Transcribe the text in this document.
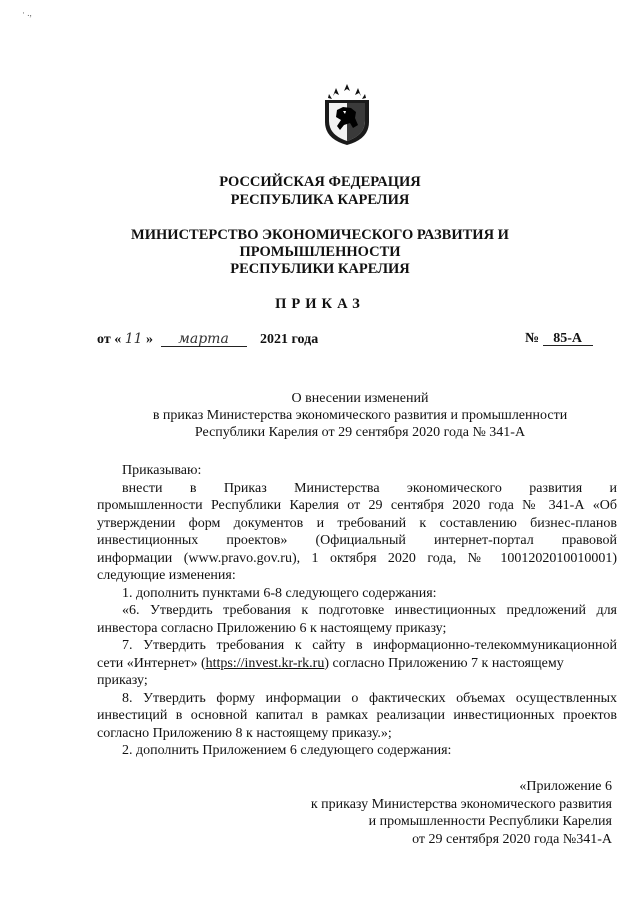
· .,
РОССИЙСКАЯ ФЕДЕРАЦИЯ
РЕСПУБЛИКА КАРЕЛИЯ
МИНИСТЕРСТВО ЭКОНОМИЧЕСКОГО РАЗВИТИЯ И
ПРОМЫШЛЕННОСТИ
РЕСПУБЛИКИ КАРЕЛИЯ
ПРИКАЗ
от « 11 » марта 2021 года	№ 85-А
О внесении изменений
в приказ Министерства экономического развития и промышленности
Республики Карелия от 29 сентября 2020 года № 341-А
Приказываю:
внести в Приказ Министерства экономического развития и
промышленности Республики Карелия от 29 сентября 2020 года № 341-А «Об
утверждении форм документов и требований к составлению бизнес-планов
инвестиционных проектов» (Официальный интернет-портал правовой
информации (www.pravo.gov.ru), 1 октября 2020 года, № 1001202010010001)
следующие изменения:
1. дополнить пунктами 6-8 следующего содержания:
«6. Утвердить требования к подготовке инвестиционных предложений для
инвестора согласно Приложению 6 к настоящему приказу;
7. Утвердить требования к сайту в информационно-телекоммуникационной
сети «Интернет» (https://invest.kr-rk.ru) согласно Приложению 7 к настоящему
приказу;
8. Утвердить форму информации о фактических объемах осуществленных
инвестиций в основной капитал в рамках реализации инвестиционных проектов
согласно Приложению 8 к настоящему приказу.»;
2. дополнить Приложением 6 следующего содержания:
«Приложение 6
к приказу Министерства экономического развития
и промышленности Республики Карелия
от 29 сентября 2020 года №341-А
